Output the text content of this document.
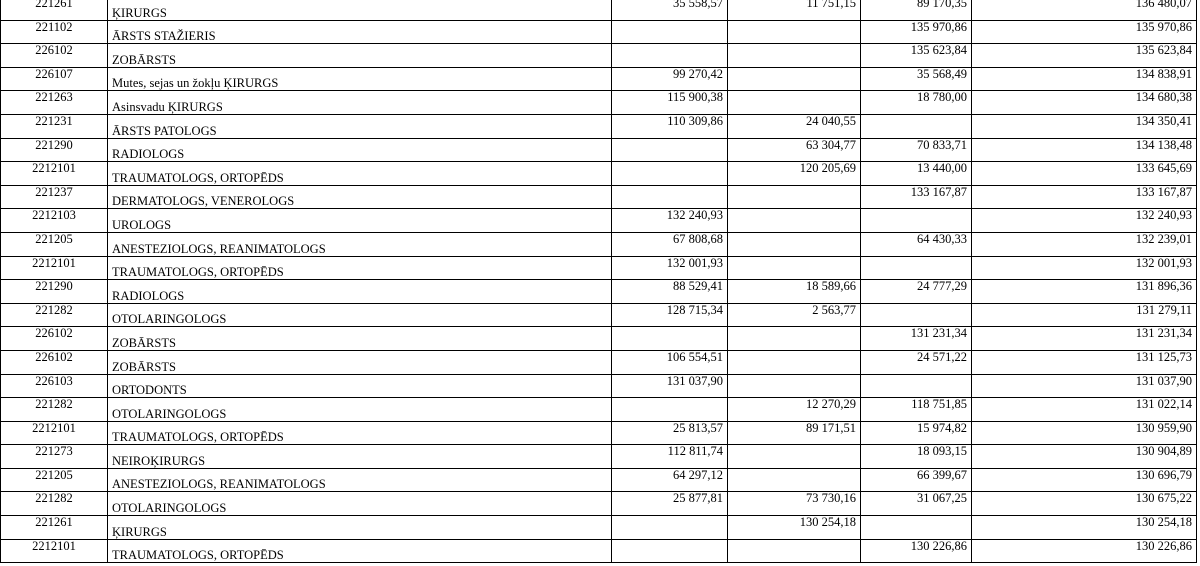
221261	ĶIRURGS	35 558,57	11 751,15	89 170,35	136 480,07
221102	ĀRSTS STAŽIERIS			135 970,86	135 970,86
226102	ZOBĀRSTS			135 623,84	135 623,84
226107	Mutes, sejas un žokļu ĶIRURGS	99 270,42		35 568,49	134 838,91
221263	Asinsvadu ĶIRURGS	115 900,38		18 780,00	134 680,38
221231	ĀRSTS PATOLOGS	110 309,86	24 040,55		134 350,41
221290	RADIOLOGS		63 304,77	70 833,71	134 138,48
2212101	TRAUMATOLOGS, ORTOPĒDS		120 205,69	13 440,00	133 645,69
221237	DERMATOLOGS, VENEROLOGS			133 167,87	133 167,87
2212103	UROLOGS	132 240,93			132 240,93
221205	ANESTEZIOLOGS, REANIMATOLOGS	67 808,68		64 430,33	132 239,01
2212101	TRAUMATOLOGS, ORTOPĒDS	132 001,93			132 001,93
221290	RADIOLOGS	88 529,41	18 589,66	24 777,29	131 896,36
221282	OTOLARINGOLOGS	128 715,34	2 563,77		131 279,11
226102	ZOBĀRSTS			131 231,34	131 231,34
226102	ZOBĀRSTS	106 554,51		24 571,22	131 125,73
226103	ORTODONTS	131 037,90			131 037,90
221282	OTOLARINGOLOGS		12 270,29	118 751,85	131 022,14
2212101	TRAUMATOLOGS, ORTOPĒDS	25 813,57	89 171,51	15 974,82	130 959,90
221273	NEIROĶIRURGS	112 811,74		18 093,15	130 904,89
221205	ANESTEZIOLOGS, REANIMATOLOGS	64 297,12		66 399,67	130 696,79
221282	OTOLARINGOLOGS	25 877,81	73 730,16	31 067,25	130 675,22
221261	ĶIRURGS		130 254,18		130 254,18
2212101	TRAUMATOLOGS, ORTOPĒDS			130 226,86	130 226,86
